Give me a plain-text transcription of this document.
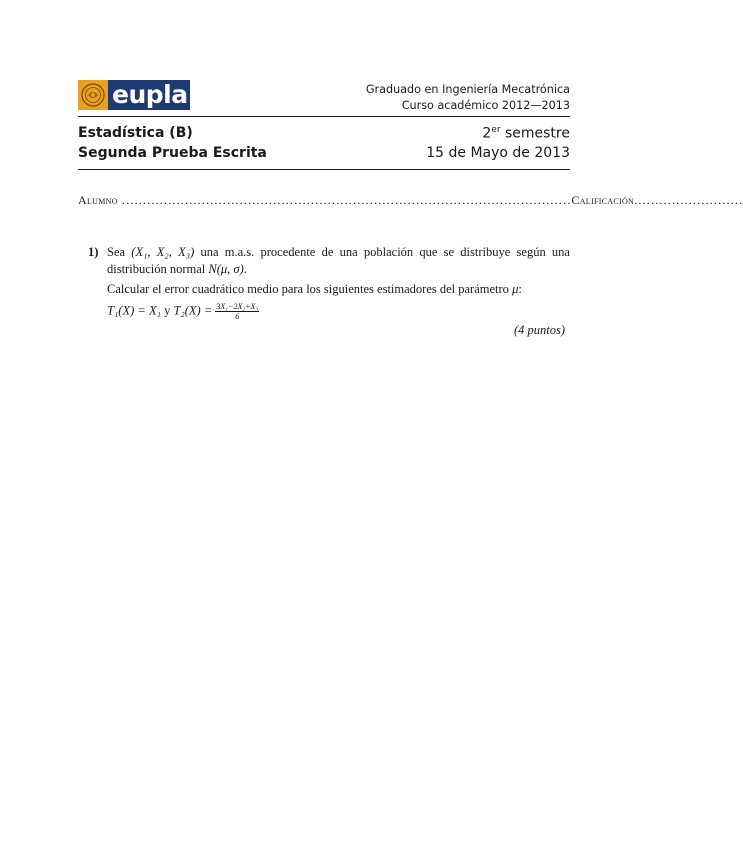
eupla	Graduado en Ingeniería Mecatrónica
Curso académico 2012—2013
Estadística (B)	2er semestre
Segunda Prueba Escrita	15 de Mayo de 2013
Alumno ........................................................................................................... Calificación ..........................
1) Sea (X₁, X₂, X₃) una m.a.s. procedente de una población que se distribuye según una distribución normal N(μ, σ).

Calcular el error cuadrático medio para los siguientes estimadores del parámetro μ:

T₁(X) = X₁ y $T_2(X) = \frac{\text{3X₁−2X₂+X₃}}{6}$

(4 puntos)
